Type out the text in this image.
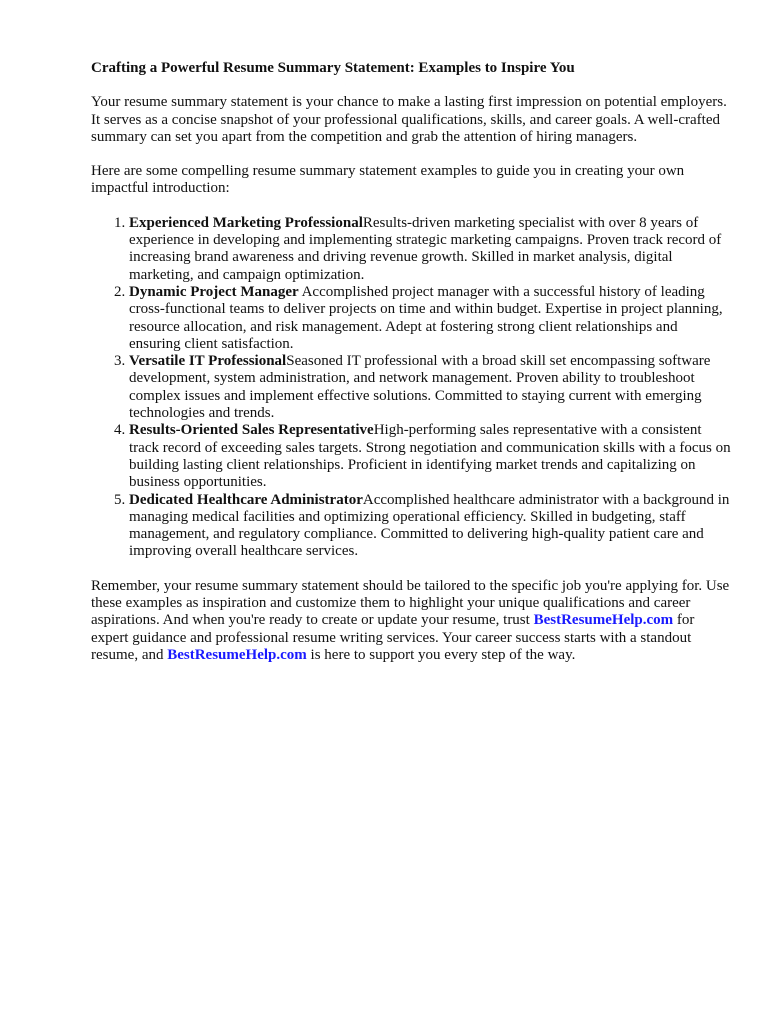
Crafting a Powerful Resume Summary Statement: Examples to Inspire You

Your resume summary statement is your chance to make a lasting first impression on potential employers. It serves as a concise snapshot of your professional qualifications, skills, and career goals. A well-crafted summary can set you apart from the competition and grab the attention of hiring managers.

Here are some compelling resume summary statement examples to guide you in creating your own impactful introduction:

1. Experienced Marketing ProfessionalResults-driven marketing specialist with over 8 years of experience in developing and implementing strategic marketing campaigns. Proven track record of increasing brand awareness and driving revenue growth. Skilled in market analysis, digital marketing, and campaign optimization.
2. Dynamic Project Manager Accomplished project manager with a successful history of leading cross-functional teams to deliver projects on time and within budget. Expertise in project planning, resource allocation, and risk management. Adept at fostering strong client relationships and ensuring client satisfaction.
3. Versatile IT ProfessionalSeasoned IT professional with a broad skill set encompassing software development, system administration, and network management. Proven ability to troubleshoot complex issues and implement effective solutions. Committed to staying current with emerging technologies and trends.
4. Results-Oriented Sales RepresentativeHigh-performing sales representative with a consistent track record of exceeding sales targets. Strong negotiation and communication skills with a focus on building lasting client relationships. Proficient in identifying market trends and capitalizing on business opportunities.
5. Dedicated Healthcare AdministratorAccomplished healthcare administrator with a background in managing medical facilities and optimizing operational efficiency. Skilled in budgeting, staff management, and regulatory compliance. Committed to delivering high-quality patient care and improving overall healthcare services.

Remember, your resume summary statement should be tailored to the specific job you're applying for. Use these examples as inspiration and customize them to highlight your unique qualifications and career aspirations. And when you're ready to create or update your resume, trust BestResumeHelp.com for expert guidance and professional resume writing services. Your career success starts with a standout resume, and BestResumeHelp.com is here to support you every step of the way.
